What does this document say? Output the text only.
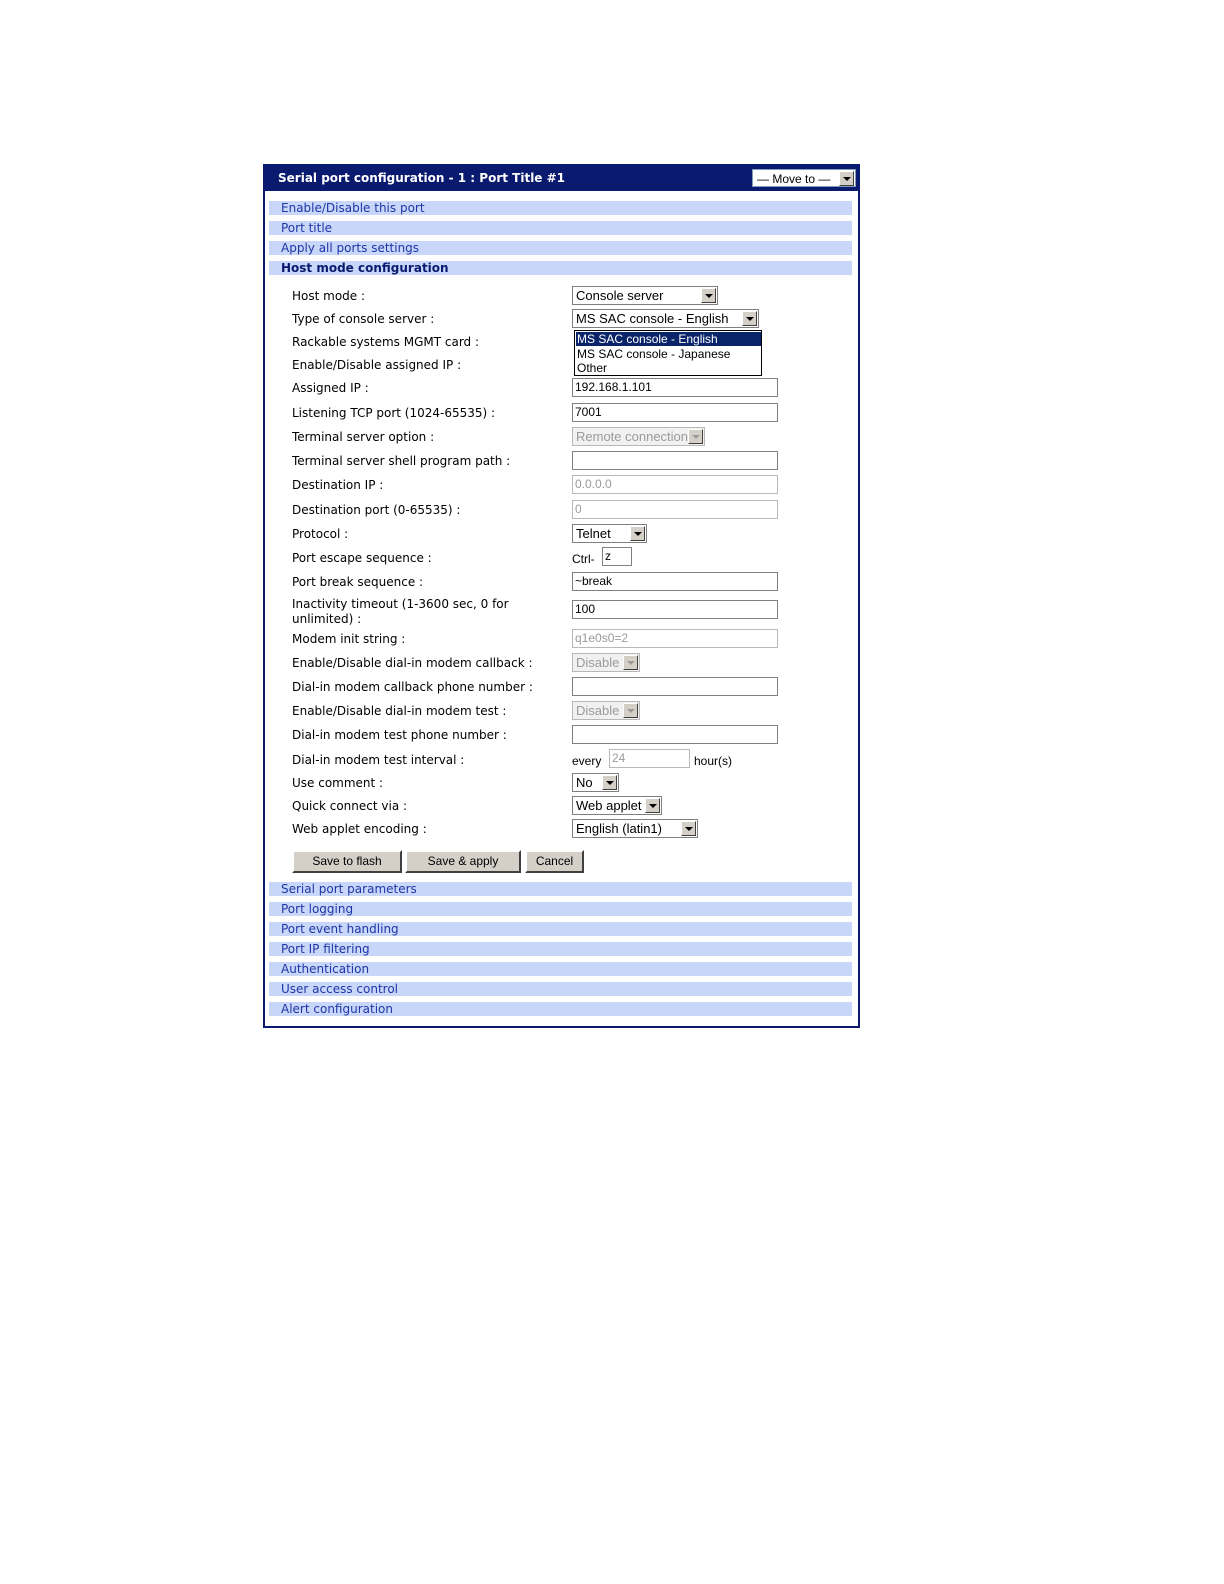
Serial port configuration - 1 : Port Title #1	— Move to —
Enable/Disable this port
Port title
Apply all ports settings
Host mode configuration
Host mode :	Console server
Type of console server :	MS SAC console - English
Rackable systems MGMT card :
Enable/Disable assigned IP :
Assigned IP :	192.168.1.101
Listening TCP port (1024-65535) :	7001
Terminal server option :	Remote connection
Terminal server shell program path :
Destination IP :	0.0.0.0
Destination port (0-65535) :	0
Protocol :	Telnet
Port escape sequence :	Ctrl- z
Port break sequence :	~break
Inactivity timeout (1-3600 sec, 0 for
unlimited) :
100
Modem init string :	q1e0s0=2
Enable/Disable dial-in modem callback :	Disable
Dial-in modem callback phone number :
Enable/Disable dial-in modem test :	Disable
Dial-in modem test phone number :
Dial-in modem test interval :	every 24	hour(s)
Use comment :	No
Quick connect via :	Web applet
Web applet encoding :	English (latin1)
MS SAC console - English
MS SAC console - Japanese
Other
Save to flash	Save & apply	Cancel
Serial port parameters
Port logging
Port event handling
Port IP filtering
Authentication
User access control
Alert configuration
